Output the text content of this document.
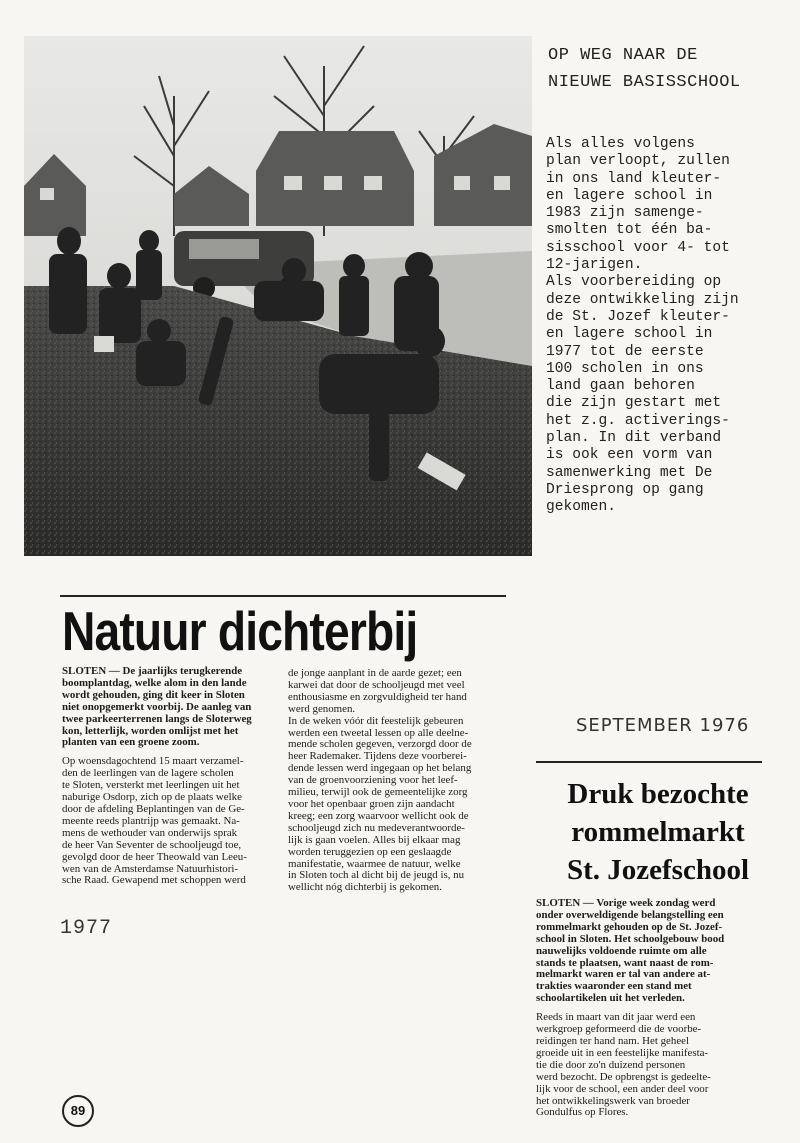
OP WEG NAAR DE
NIEUWE BASISSCHOOL
Als alles volgens
plan verloopt, zullen
in ons land kleuter-
en lagere school in
1983 zijn samenge-
smolten tot één ba-
sisschool voor 4- tot
12-jarigen.
Als voorbereiding op
deze ontwikkeling zijn
de St. Jozef kleuter-
en lagere school in
1977 tot de eerste
100 scholen in ons
land gaan behoren
die zijn gestart met
het z.g. activerings-
plan. In dit verband
is ook een vorm van
samenwerking met De
Driesprong op gang
gekomen.
Natuur dichterbij
SLOTEN — De jaarlijks terugkerende
boomplantdag, welke alom in den lande
wordt gehouden, ging dit keer in Sloten
niet onopgemerkt voorbij. De aanleg van
twee parkeerterrenen langs de Sloterweg
kon, letterlijk, worden omlijst met het
planten van een groene zoom.
Op woensdagochtend 15 maart verzamel-
den de leerlingen van de lagere scholen
te Sloten, versterkt met leerlingen uit het
naburige Osdorp, zich op de plaats welke
door de afdeling Beplantingen van de Ge-
meente reeds plantrijp was gemaakt. Na-
mens de wethouder van onderwijs sprak
de heer Van Seventer de schooljeugd toe,
gevolgd door de heer Theowald van Leeu-
wen van de Amsterdamse Natuurhistori-
sche Raad. Gewapend met schoppen werd
de jonge aanplant in de aarde gezet; een
karwei dat door de schooljeugd met veel
enthousiasme en zorgvuldigheid ter hand
werd genomen.
In de weken vóór dit feestelijk gebeuren
werden een tweetal lessen op alle deelne-
mende scholen gegeven, verzorgd door de
heer Rademaker. Tijdens deze voorberei-
dende lessen werd ingegaan op het belang
van de groenvoorziening voor het leef-
milieu, terwijl ook de gemeentelijke zorg
voor het openbaar groen zijn aandacht
kreeg; een zorg waarvoor wellicht ook de
schooljeugd zich nu medeverantwoorde-
lijk is gaan voelen. Alles bij elkaar mag
worden teruggezien op een geslaagde
manifestatie, waarmee de natuur, welke
in Sloten toch al dicht bij de jeugd is, nu
wellicht nóg dichterbij is gekomen.
1977
SEPTEMBER 1976
Druk bezochte
rommelmarkt
St. Jozefschool
SLOTEN — Vorige week zondag werd
onder overweldigende belangstelling een
rommelmarkt gehouden op de St. Jozef-
school in Sloten. Het schoolgebouw bood
nauwelijks voldoende ruimte om alle
stands te plaatsen, want naast de rom-
melmarkt waren er tal van andere at-
trakties waaronder een stand met
schoolartikelen uit het verleden.
Reeds in maart van dit jaar werd een
werkgroep geformeerd die de voorbe-
reidingen ter hand nam. Het geheel
groeide uit in een feestelijke manifesta-
tie die door zo'n duizend personen
werd bezocht. De opbrengst is gedeelte-
lijk voor de school, een ander deel voor
het ontwikkelingswerk van broeder
Gondulfus op Flores.
89
